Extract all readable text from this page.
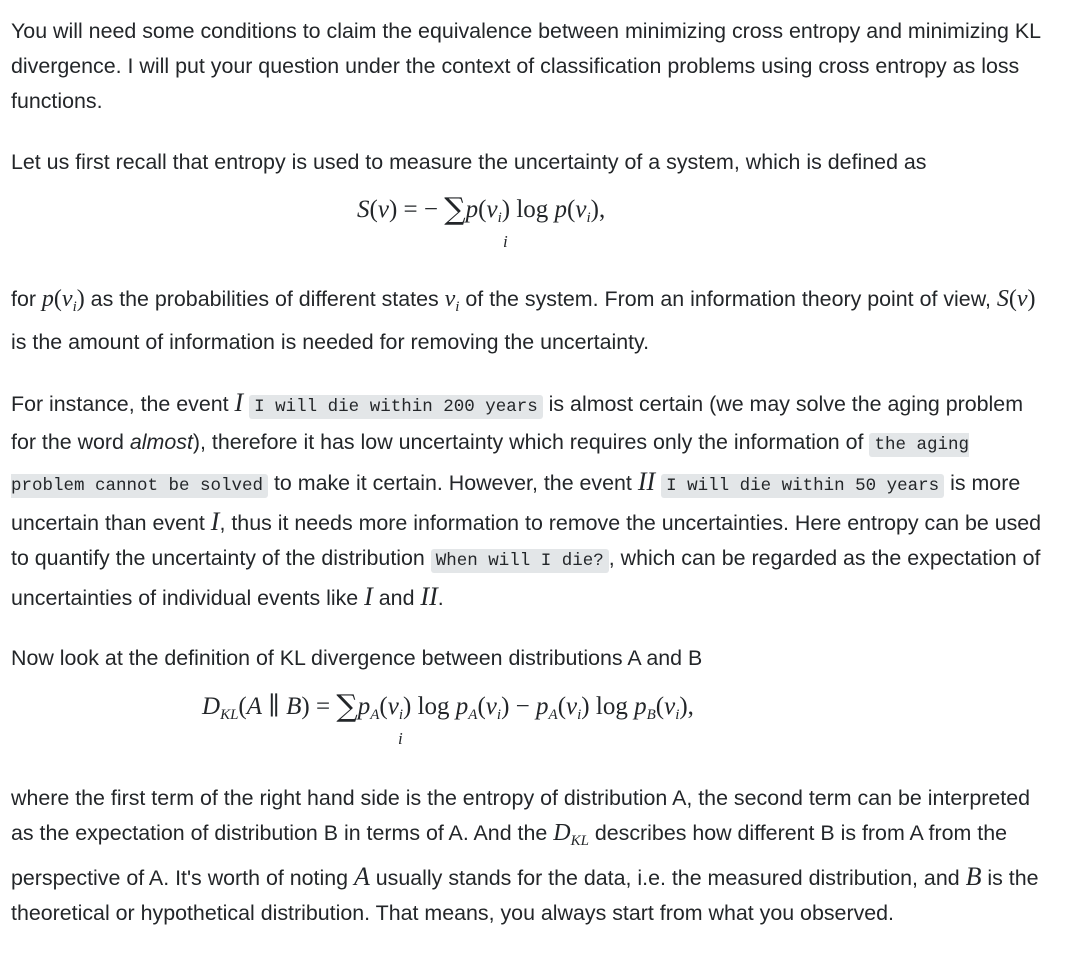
You will need some conditions to claim the equivalence between minimizing cross entropy and minimizing KL divergence. I will put your question under the context of classification problems using cross entropy as loss functions.

Let us first recall that entropy is used to measure the uncertainty of a system, which is defined as

S(v) = − $\sum p(v_i)$ $\log p(v_i)$,
i

for $p(v_i)$ as the probabilities of different states $v_i$ of the system. From an information theory point of view, S(v) is the amount of information is needed for removing the uncertainty.

For instance, the event I I will die within 200 years is almost certain (we may solve the aging problem for the word almost), therefore it has low uncertainty which requires only the information of the aging problem cannot be solved to make it certain. However, the event II I will die within 50 years is more uncertain than event I, thus it needs more information to remove the uncertainties. Here entropy can be used to quantify the uncertainty of the distribution When will I die? , which can be regarded as the expectation of uncertainties of individual events like I and II.

Now look at the definition of KL divergence between distributions A and B

$D_{KL}(A$ ∥ $B) = \sum p_A(v_i)$ $\log p_A(v_i) - p_A(v_i)$ $\log p_B(v_i)$,
i

where the first term of the right hand side is the entropy of distribution A, the second term can be interpreted as the expectation of distribution B in terms of A. And the $D_{KL}$ describes how different B is from A from the perspective of A. It's worth of noting A usually stands for the data, i.e. the measured distribution, and B is the theoretical or hypothetical distribution. That means, you always start from what you observed.
